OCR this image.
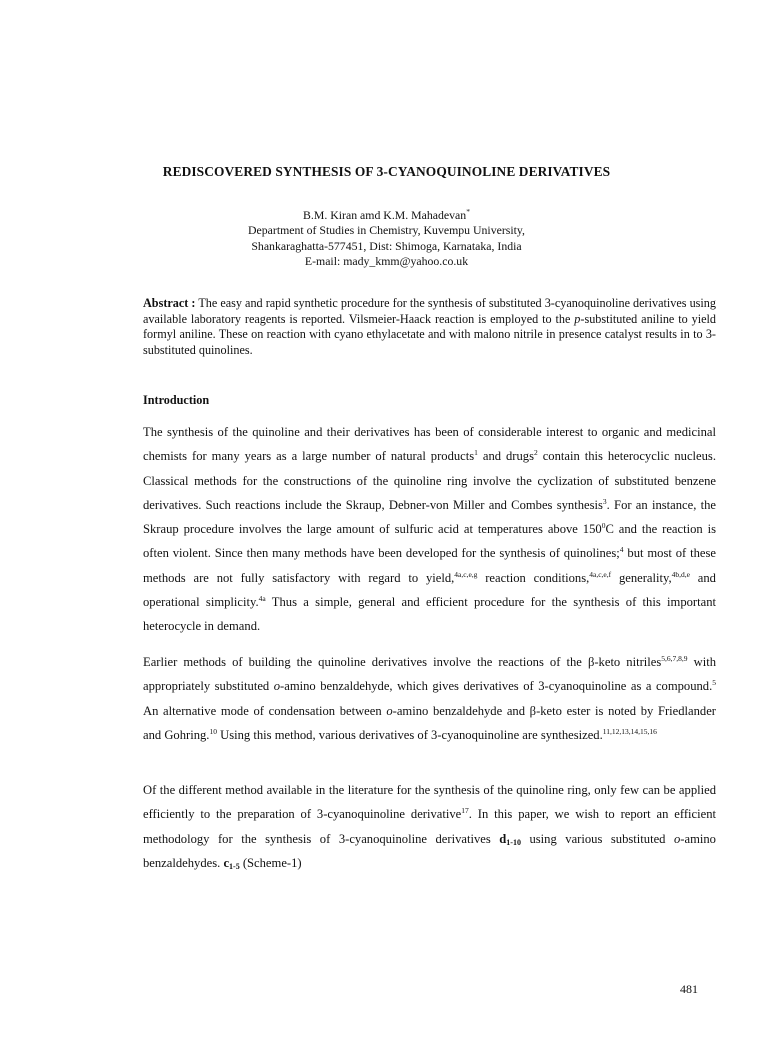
REDISCOVERED SYNTHESIS OF 3-CYANOQUINOLINE DERIVATIVES
B.M. Kiran amd K.M. Mahadevan*
Department of Studies in Chemistry, Kuvempu University,
Shankaraghatta-577451, Dist: Shimoga, Karnataka, India
E-mail: mady_kmm@yahoo.co.uk

Abstract : The easy and rapid synthetic procedure for the synthesis of substituted 3-cyanoquinoline derivatives using available laboratory reagents is reported. Vilsmeier-Haack reaction is employed to the p-substituted aniline to yield formyl aniline. These on reaction with cyano ethylacetate and with malono nitrile in presence catalyst results in to 3-substituted quinolines.

Introduction

The synthesis of the quinoline and their derivatives has been of considerable interest to organic and medicinal chemists for many years as a large number of natural products$^1$ and drugs$^2$ contain this heterocyclic nucleus. Classical methods for the constructions of the quinoline ring involve the cyclization of substituted benzene derivatives. Such reactions include the Skraup, Debner-von Miller and Combes synthesis$^3$. For an instance, the Skraup procedure involves the large amount of sulfuric acid at temperatures above $150^0C$ and the reaction is often violent. Since then many methods have been developed for the synthesis of quinolines;$^4$ but most of these methods are not fully satisfactory with regard to yield,$^{4a,c,e,g}$ reaction conditions,$^{4a,c,e,f}$ generality,$^{4b,d,e}$ and operational simplicity.$^{4a}$ Thus a simple, general and efficient procedure for the synthesis of this important heterocycle in demand.

Earlier methods of building the quinoline derivatives involve the reactions of the β-keto nitriles$^{5,6,7,8,9}$ with appropriately substituted o-amino benzaldehyde, which gives derivatives of 3-cyanoquinoline as a compound.$^5$ An alternative mode of condensation between o-amino benzaldehyde and β-keto ester is noted by Friedlander and Gohring.$^{10}$ Using this method, various derivatives of 3-cyanoquinoline are synthesized.$^{11,12,13,14,15,16}$

Of the different method available in the literature for the synthesis of the quinoline ring, only few can be applied efficiently to the preparation of 3-cyanoquinoline derivative$^{17}$. In this paper, we wish to report an efficient methodology for the synthesis of 3-cyanoquinoline derivatives $d_{1-10}$ using various substituted o-amino benzaldehydes. $c_{1-5}$ (Scheme-1)

481
